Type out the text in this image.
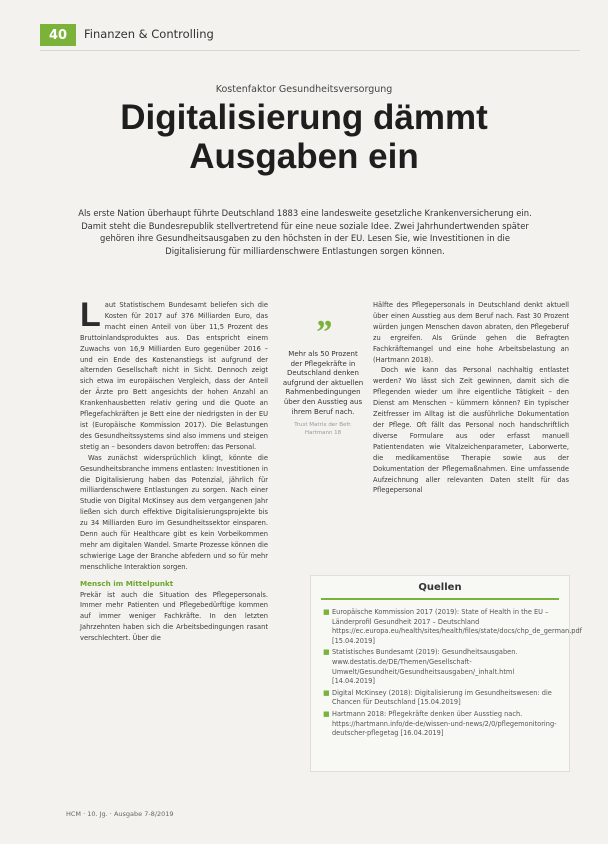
40 Finanzen & Controlling
Kostenfaktor Gesundheitsversorgung
Digitalisierung dämmt
Ausgaben ein
Als erste Nation überhaupt führte Deutschland 1883 eine landesweite gesetzliche Krankenversicherung ein. Damit steht die Bundesrepublik stellvertretend für eine neue soziale Idee. Zwei Jahrhundertwenden später gehören ihre Gesundheitsausgaben zu den höchsten in der EU. Lesen Sie, wie Investitionen in die Digitalisierung für milliardenschwere Entlastungen sorgen können.

Laut Statistischem Bundesamt beliefen sich die Kosten für 2017 auf 376 Milliarden Euro, das macht einen Anteil von über 11,5 Prozent des Bruttoinlandsproduktes aus. Das entspricht einem Zuwachs von 16,9 Milliarden Euro gegenüber 2016 – und ein Ende des Kostenanstiegs ist aufgrund der alternden Gesellschaft nicht in Sicht. Dennoch zeigt sich etwa im europäischen Vergleich, dass der Anteil der Ärzte pro Bett angesichts der hohen Anzahl an Krankenhausbetten relativ gering und die Quote an Pflegefachkräften je Bett eine der niedrigsten in der EU ist (Europäische Kommission 2017). Die Belastungen des Gesundheitssystems sind also immens und steigen stetig an – besonders davon betroffen: das Personal.

Was zunächst widersprüchlich klingt, könnte die Gesundheitsbranche immens entlasten: Investitionen in die Digitalisierung haben das Potenzial, jährlich für milliardenschwere Entlastungen zu sorgen. Nach einer Studie von Digital McKinsey aus dem vergangenen Jahr ließen sich durch effektive Digitalisierungsprojekte bis zu 34 Milliarden Euro im Gesundheitssektor einsparen. Denn auch für Healthcare gibt es kein Vorbeikommen mehr am digitalen Wandel. Smarte Prozesse können die schwierige Lage der Branche abfedern und so für mehr menschliche Interaktion sorgen.

Mensch im Mittelpunkt

Prekär ist auch die Situation des Pflegepersonals. Immer mehr Patienten und Pflegebedürftige kommen auf immer weniger Fachkräfte. In den letzten Jahrzehnten haben sich die Arbeitsbedingungen rasant verschlechtert. Über die

”
Mehr als 50 Prozent der Pflegekräfte in Deutschland denken aufgrund der aktuellen Rahmenbedingungen über den Ausstieg aus ihrem Beruf nach.
Trust Matrix der Befr. Hartmann 18

Hälfte des Pflegepersonals in Deutschland denkt aktuell über einen Ausstieg aus dem Beruf nach. Fast 30 Prozent würden jungen Menschen davon abraten, den Pflegeberuf zu ergreifen. Als Gründe gehen die Befragten Fachkräftemangel und eine hohe Arbeitsbelastung an (Hartmann 2018).

Doch wie kann das Personal nachhaltig entlastet werden? Wo lässt sich Zeit gewinnen, damit sich die Pflegenden wieder um ihre eigentliche Tätigkeit – den Dienst am Menschen – kümmern können? Ein typischer Zeitfresser im Alltag ist die ausführliche Dokumentation der Pflege. Oft fällt das Personal noch handschriftlich diverse Formulare aus oder erfasst manuell Patientendaten wie Vitalzeichenparameter, Laborwerte, die medikamentöse Therapie sowie aus der Dokumentation der Pflegemaßnahmen. Eine umfassende Aufzeichnung aller relevanten Daten stellt für das Pflegepersonal

Quellen
■ Europäische Kommission 2017 (2019): State of Health in the EU – Länderprofil Gesundheit 2017 – Deutschland https://ec.europa.eu/health/sites/health/files/state/docs/chp_de_german.pdf [15.04.2019]
■ Statistisches Bundesamt (2019): Gesundheitsausgaben. www.destatis.de/DE/Themen/Gesellschaft-Umwelt/Gesundheit/Gesundheitsausgaben/_inhalt.html [14.04.2019]
■ Digital McKinsey (2018): Digitalisierung im Gesundheitswesen: die Chancen für Deutschland [15.04.2019]
■ Hartmann 2018: Pflegekräfte denken über Ausstieg nach. https://hartmann.info/de-de/wissen-und-news/2/0/pflegemonitoring-deutscher-pflegetag [16.04.2019]
HCM · 10. Jg. · Ausgabe 7-8/2019
